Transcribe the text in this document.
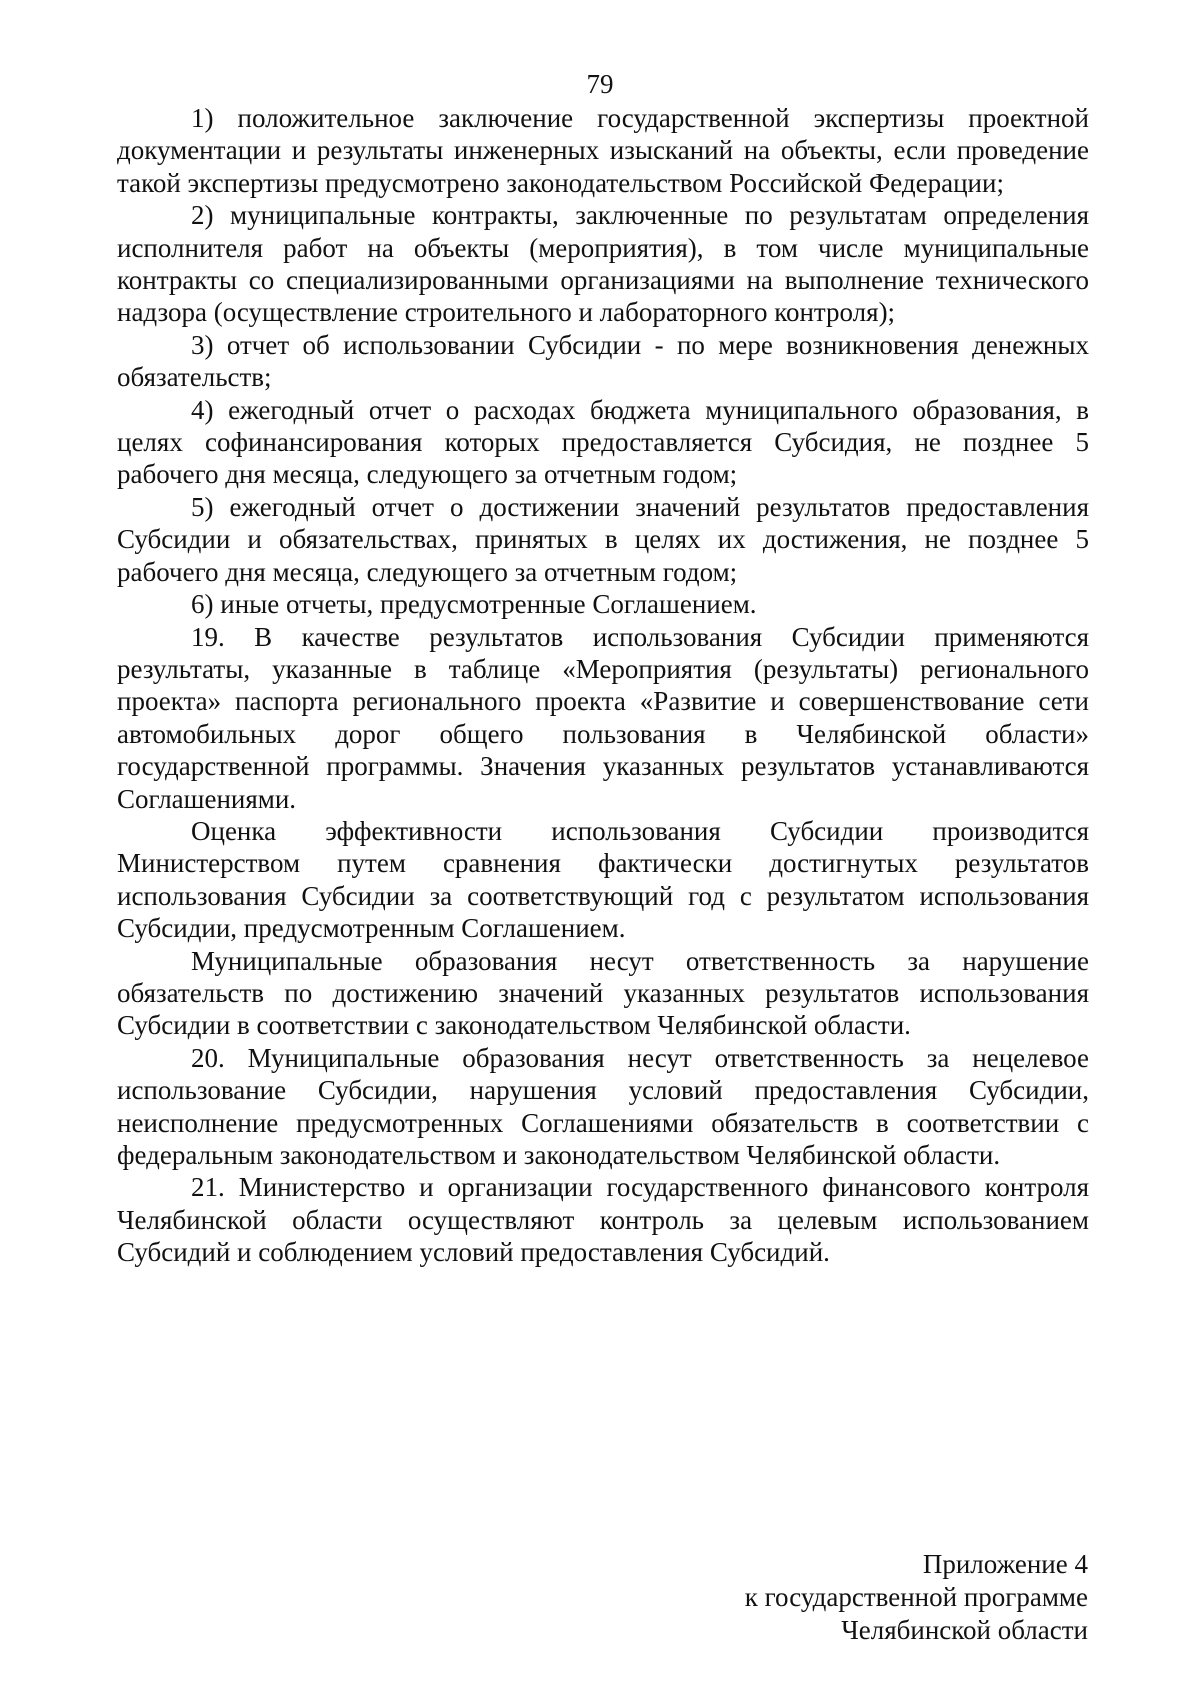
79

1) положительное заключение государственной экспертизы проектной документации и результаты инженерных изысканий на объекты, если проведение такой экспертизы предусмотрено законодательством Российской Федерации;

2) муниципальные контракты, заключенные по результатам определения исполнителя работ на объекты (мероприятия), в том числе муниципальные контракты со специализированными организациями на выполнение технического надзора (осуществление строительного и лабораторного контроля);

3) отчет об использовании Субсидии - по мере возникновения денежных обязательств;

4) ежегодный отчет о расходах бюджета муниципального образования, в целях софинансирования которых предоставляется Субсидия, не позднее 5 рабочего дня месяца, следующего за отчетным годом;

5) ежегодный отчет о достижении значений результатов предоставления Субсидии и обязательствах, принятых в целях их достижения, не позднее 5 рабочего дня месяца, следующего за отчетным годом;

6) иные отчеты, предусмотренные Соглашением.

19. В качестве результатов использования Субсидии применяются результаты, указанные в таблице «Мероприятия (результаты) регионального проекта» паспорта регионального проекта «Развитие и совершенствование сети автомобильных дорог общего пользования в Челябинской области» государственной программы. Значения указанных результатов устанавливаются Соглашениями.

Оценка эффективности использования Субсидии производится Министерством путем сравнения фактически достигнутых результатов использования Субсидии за соответствующий год с результатом использования Субсидии, предусмотренным Соглашением.

Муниципальные образования несут ответственность за нарушение обязательств по достижению значений указанных результатов использования Субсидии в соответствии с законодательством Челябинской области.

20. Муниципальные образования несут ответственность за нецелевое использование Субсидии, нарушения условий предоставления Субсидии, неисполнение предусмотренных Соглашениями обязательств в соответствии с федеральным законодательством и законодательством Челябинской области.

21. Министерство и организации государственного финансового контроля Челябинской области осуществляют контроль за целевым использованием Субсидий и соблюдением условий предоставления Субсидий.

Приложение 4
к государственной программе
Челябинской области
